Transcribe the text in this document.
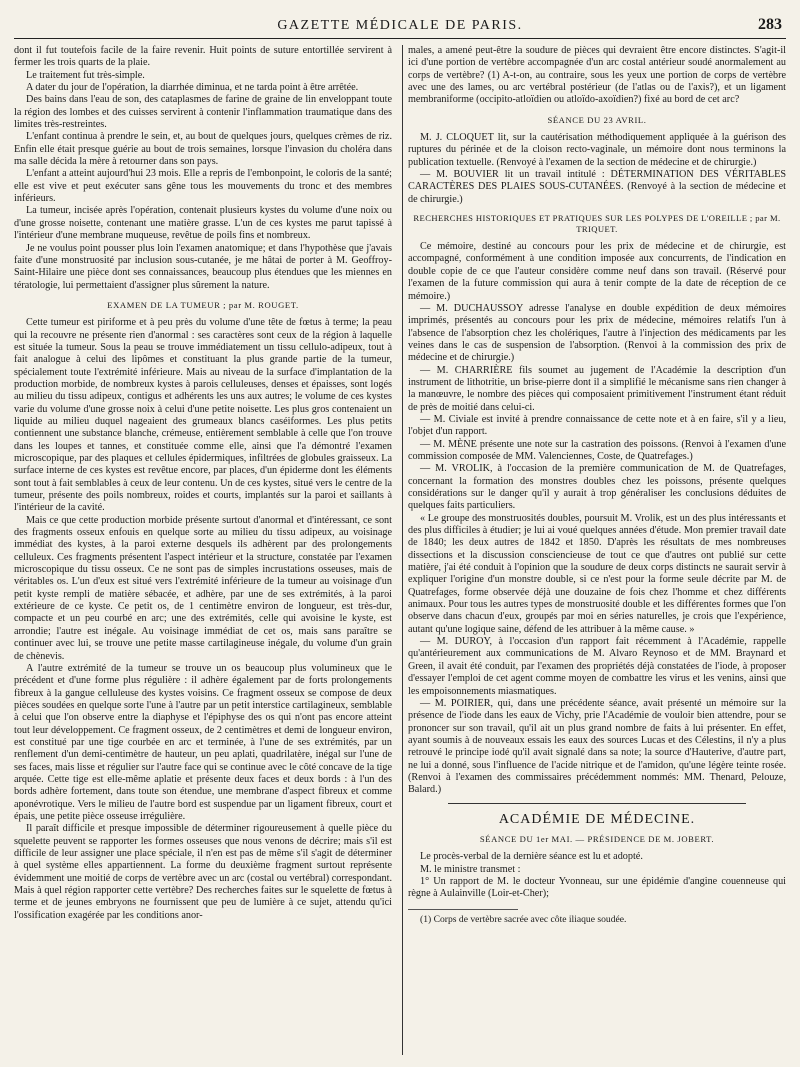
GAZETTE MÉDICALE DE PARIS.	283

dont il fut toutefois facile de la faire revenir. Huit points de suture entortillée servirent à fermer les trois quarts de la plaie.

Le traitement fut très-simple.

A dater du jour de l'opération, la diarrhée diminua, et ne tarda point à être arrêtée.

Des bains dans l'eau de son, des cataplasmes de farine de graine de lin enveloppant toute la région des lombes et des cuisses servirent à contenir l'inflammation traumatique dans des limites très-restreintes.

L'enfant continua à prendre le sein, et, au bout de quelques jours, quelques crèmes de riz. Enfin elle était presque guérie au bout de trois semaines, lorsque l'invasion du choléra dans ma salle décida la mère à retourner dans son pays.

L'enfant a atteint aujourd'hui 23 mois. Elle a repris de l'embonpoint, le coloris de la santé; elle est vive et peut exécuter sans gêne tous les mouvements du tronc et des membres inférieurs.

La tumeur, incisée après l'opération, contenait plusieurs kystes du volume d'une noix ou d'une grosse noisette, contenant une matière grasse. L'un de ces kystes me parut tapissé à l'intérieur d'une membrane muqueuse, revêtue de poils fins et nombreux.

Je ne voulus point pousser plus loin l'examen anatomique; et dans l'hypothèse que j'avais faite d'une monstruosité par inclusion sous-cutanée, je me hâtai de porter à M. Geoffroy-Saint-Hilaire une pièce dont ses connaissances, beaucoup plus étendues que les miennes en tératologie, lui permettaient d'assigner plus sûrement la nature.

EXAMEN DE LA TUMEUR ; par M. ROUGET.

Cette tumeur est piriforme et à peu près du volume d'une tête de fœtus à terme; la peau qui la recouvre ne présente rien d'anormal : ses caractères sont ceux de la région à laquelle est située la tumeur. Sous la peau se trouve immédiatement un tissu cellulo-adipeux, tout à fait analogue à celui des lipômes et constituant la plus grande partie de la tumeur, spécialement toute l'extrémité inférieure. Mais au niveau de la surface d'implantation de la production morbide, de nombreux kystes à parois celluleuses, denses et épaisses, sont logés au milieu du tissu adipeux, contigus et adhérents les uns aux autres; le volume de ces kystes varie du volume d'une grosse noix à celui d'une petite noisette. Les plus gros contenaient un liquide au milieu duquel nageaient des grumeaux blancs caséiformes. Les plus petits contiennent une substance blanche, crémeuse, entièrement semblable à celle que l'on trouve dans les loupes et tannes, et constituée comme elle, ainsi que l'a démontré l'examen microscopique, par des plaques et cellules épidermiques, infiltrées de globules graisseux. La surface interne de ces kystes est revêtue encore, par places, d'un épiderme dont les éléments sont tout à fait semblables à ceux de leur contenu. Un de ces kystes, situé vers le centre de la tumeur, présente des poils nombreux, roides et courts, implantés sur la paroi et saillants à l'intérieur de la cavité.

Mais ce que cette production morbide présente surtout d'anormal et d'intéressant, ce sont des fragments osseux enfouis en quelque sorte au milieu du tissu adipeux, au voisinage immédiat des kystes, à la paroi externe desquels ils adhèrent par des prolongements celluleux. Ces fragments présentent l'aspect intérieur et la structure, constatée par l'examen microscopique du tissu osseux. Ce ne sont pas de simples incrustations osseuses, mais de véritables os. L'un d'eux est situé vers l'extrémité inférieure de la tumeur au voisinage d'un petit kyste rempli de matière sébacée, et adhère, par une de ses extrémités, à la paroi extérieure de ce kyste. Ce petit os, de 1 centimètre environ de longueur, est très-dur, compacte et un peu courbé en arc; une des extrémités, celle qui avoisine le kyste, est arrondie; l'autre est inégale. Au voisinage immédiat de cet os, mais sans paraître se continuer avec lui, se trouve une petite masse cartilagineuse inégale, du volume d'un grain de chènevis.

A l'autre extrémité de la tumeur se trouve un os beaucoup plus volumineux que le précédent et d'une forme plus régulière : il adhère également par de forts prolongements fibreux à la gangue celluleuse des kystes voisins. Ce fragment osseux se compose de deux pièces soudées en quelque sorte l'une à l'autre par un petit interstice cartilagineux, semblable à celui que l'on observe entre la diaphyse et l'épiphyse des os qui n'ont pas encore atteint tout leur développement. Ce fragment osseux, de 2 centimètres et demi de longueur environ, est constitué par une tige courbée en arc et terminée, à l'une de ses extrémités, par un renflement d'un demi-centimètre de hauteur, un peu aplati, quadrilatère, inégal sur l'une de ses faces, mais lisse et régulier sur l'autre face qui se continue avec le côté concave de la tige arquée. Cette tige est elle-même aplatie et présente deux faces et deux bords : à l'un des bords adhère fortement, dans toute son étendue, une membrane d'aspect fibreux et comme aponévrotique. Vers le milieu de l'autre bord est suspendue par un ligament fibreux, court et épais, une petite pièce osseuse irrégulière.

Il paraît difficile et presque impossible de déterminer rigoureusement à quelle pièce du squelette peuvent se rapporter les formes osseuses que nous venons de décrire; mais s'il est difficile de leur assigner une place spéciale, il n'en est pas de même s'il s'agit de déterminer à quel système elles appartiennent. La forme du deuxième fragment surtout représente évidemment une moitié de corps de vertèbre avec un arc (costal ou vertébral) correspondant. Mais à quel région rapporter cette vertèbre? Des recherches faites sur le squelette de fœtus à terme et de jeunes embryons ne fournissent que peu de lumière à ce sujet, attendu qu'ici l'ossification exagérée par les conditions anor-

males, a amené peut-être la soudure de pièces qui devraient être encore distinctes. S'agit-il ici d'une portion de vertèbre accompagnée d'un arc costal antérieur soudé anormalement au corps de vertèbre? (1) A-t-on, au contraire, sous les yeux une portion de corps de vertèbre avec une des lames, ou arc vertébral postérieur (de l'atlas ou de l'axis?), et un ligament membraniforme (occipito-atloïdien ou atloïdo-axoïdien?) fixé au bord de cet arc?

SÉANCE DU 23 AVRIL.

M. J. CLOQUET lit, sur la cautérisation méthodiquement appliquée à la guérison des ruptures du périnée et de la cloison recto-vaginale, un mémoire dont nous terminons la publication textuelle. (Renvoyé à l'examen de la section de médecine et de chirurgie.)

— M. BOUVIER lit un travail intitulé : DÉTERMINATION DES VÉRITABLES CARACTÈRES DES PLAIES SOUS-CUTANÉES. (Renvoyé à la section de médecine et de chirurgie.)

RECHERCHES HISTORIQUES ET PRATIQUES SUR LES POLYPES DE L'OREILLE ; par M. TRIQUET.

Ce mémoire, destiné au concours pour les prix de médecine et de chirurgie, est accompagné, conformément à une condition imposée aux concurrents, de l'indication en double copie de ce que l'auteur considère comme neuf dans son travail. (Réservé pour l'examen de la future commission qui aura à tenir compte de la date de réception de ce mémoire.)

— M. DUCHAUSSOY adresse l'analyse en double expédition de deux mémoires imprimés, présentés au concours pour les prix de médecine, mémoires relatifs l'un à l'absence de l'absorption chez les cholériques, l'autre à l'injection des médicaments par les veines dans le cas de suspension de l'absorption. (Renvoi à la commission des prix de médecine et de chirurgie.)

— M. CHARRIÈRE fils soumet au jugement de l'Académie la description d'un instrument de lithotritie, un brise-pierre dont il a simplifié le mécanisme sans rien changer à la manœuvre, le nombre des pièces qui composaient primitivement l'instrument étant réduit de près de moitié dans celui-ci.

— M. Civiale est invité à prendre connaissance de cette note et à en faire, s'il y a lieu, l'objet d'un rapport.

— M. MÈNE présente une note sur la castration des poissons. (Renvoi à l'examen d'une commission composée de MM. Valenciennes, Coste, de Quatrefages.)

— M. VROLIK, à l'occasion de la première communication de M. de Quatrefages, concernant la formation des monstres doubles chez les poissons, présente quelques considérations sur le danger qu'il y aurait à trop généraliser les conclusions déduites de quelques faits particuliers.

« Le groupe des monstruosités doubles, poursuit M. Vrolik, est un des plus intéressants et des plus difficiles à étudier; je lui ai voué quelques années d'étude. Mon premier travail date de 1840; les deux autres de 1842 et 1850. D'après les résultats de mes nombreuses dissections et la discussion consciencieuse de tout ce que d'autres ont publié sur cette matière, j'ai été conduit à l'opinion que la soudure de deux corps distincts ne saurait servir à expliquer l'origine d'un monstre double, si ce n'est pour la forme seule décrite par M. de Quatrefages, forme observée déjà une douzaine de fois chez l'homme et chez différents animaux. Pour tous les autres types de monstruosité double et les différentes formes que l'on observe dans chacun d'eux, groupés par moi en séries naturelles, je crois que l'expérience, autant qu'une logique saine, défend de les attribuer à la même cause. »

— M. DUROY, à l'occasion d'un rapport fait récemment à l'Académie, rappelle qu'antérieurement aux communications de M. Alvaro Reynoso et de MM. Braynard et Green, il avait été conduit, par l'examen des propriétés déjà constatées de l'iode, à proposer d'essayer l'emploi de cet agent comme moyen de combattre les virus et les venins, ainsi que les empoisonnements miasmatiques.

— M. POIRIER, qui, dans une précédente séance, avait présenté un mémoire sur la présence de l'iode dans les eaux de Vichy, prie l'Académie de vouloir bien attendre, pour se prononcer sur son travail, qu'il ait un plus grand nombre de faits à lui présenter. En effet, ayant soumis à de nouveaux essais les eaux des sources Lucas et des Célestins, il n'y a plus retrouvé le principe iodé qu'il avait signalé dans sa note; la source d'Hauterive, d'autre part, ne lui a donné, sous l'influence de l'acide nitrique et de l'amidon, qu'une légère teinte rosée. (Renvoi à l'examen des commissaires précédemment nommés: MM. Thenard, Pelouze, Balard.)

ACADÉMIE DE MÉDECINE.
SÉANCE DU 1er MAI. — PRÉSIDENCE DE M. JOBERT.

Le procès-verbal de la dernière séance est lu et adopté.

M. le ministre transmet :

1° Un rapport de M. le docteur Yvonneau, sur une épidémie d'angine couenneuse qui règne à Aulainville (Loir-et-Cher);

(1) Corps de vertèbre sacrée avec côte iliaque soudée.
